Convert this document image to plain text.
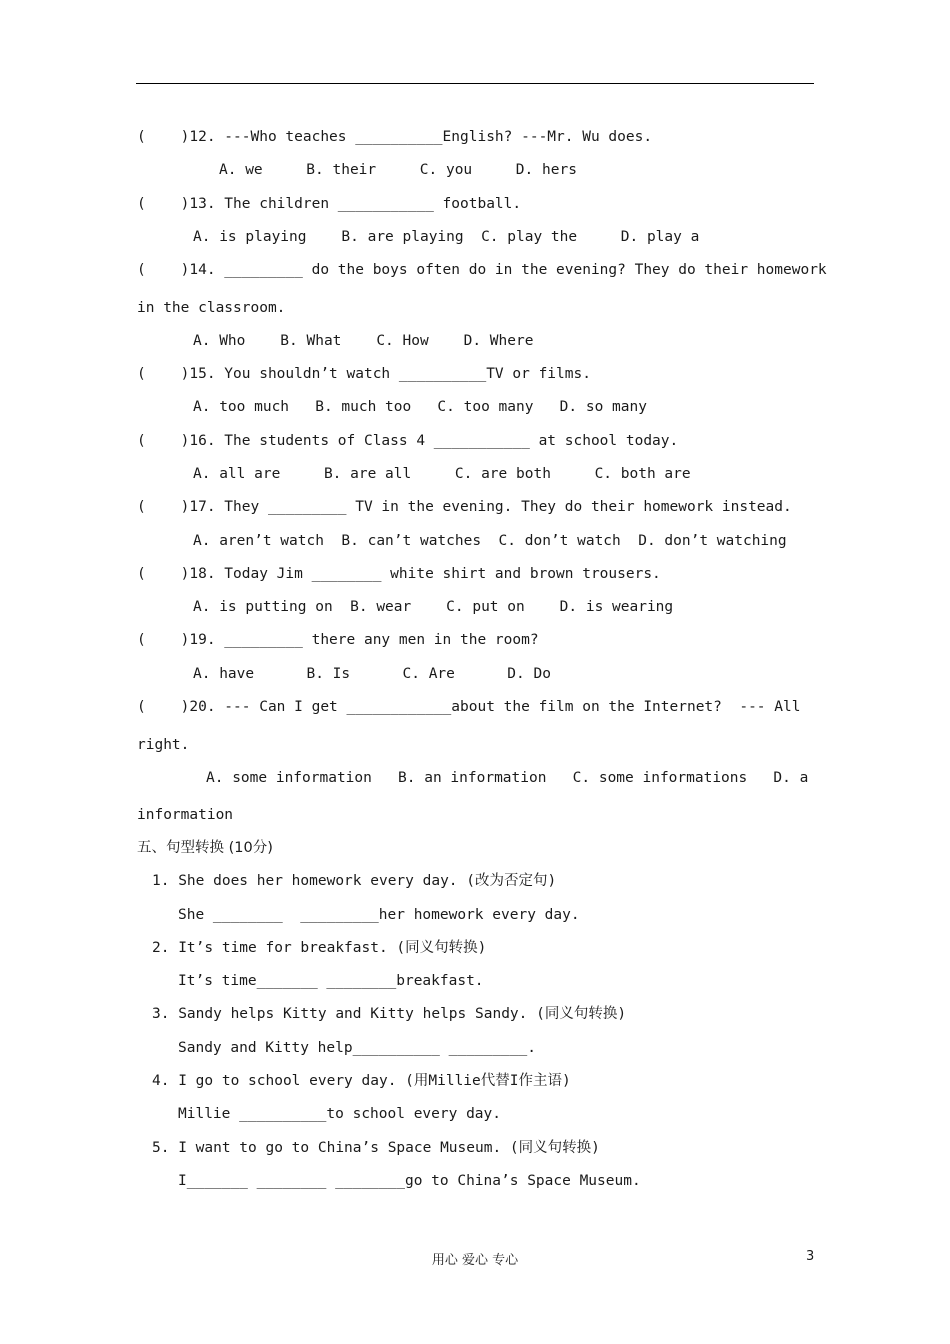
(    )12. ---Who teaches __________English? ---Mr. Wu does.
A. we     B. their     C. you     D. hers
(    )13. The children ___________ football.
A. is playing    B. are playing  C. play the     D. play a
(    )14. _________ do the boys often do in the evening? They do their homework
in the classroom.
A. Who    B. What    C. How    D. Where
(    )15. You shouldn’t watch __________TV or films.
A. too much   B. much too   C. too many   D. so many
(    )16. The students of Class 4 ___________ at school today.
A. all are     B. are all     C. are both     C. both are
(    )17. They _________ TV in the evening. They do their homework instead.
A. aren’t watch  B. can’t watches  C. don’t watch  D. don’t watching
(    )18. Today Jim ________ white shirt and brown trousers.
A. is putting on  B. wear    C. put on    D. is wearing
(    )19. _________ there any men in the room?
A. have      B. Is      C. Are      D. Do
(    )20. --- Can I get ____________about the film on the Internet?  --- All
right.
A. some information   B. an information   C. some informations   D. a
information
五、句型转换 (10分)
1. She does her homework every day. (改为否定句)
She ________  _________her homework every day.
2. It’s time for breakfast. (同义句转换)
It’s time_______ ________breakfast.
3. Sandy helps Kitty and Kitty helps Sandy. (同义句转换)
Sandy and Kitty help__________ _________.
4. I go to school every day. (用Millie代替I作主语)
Millie __________to school every day.
5. I want to go to China’s Space Museum. (同义句转换)
I_______ ________ ________go to China’s Space Museum.
用心 爱心 专心	3
